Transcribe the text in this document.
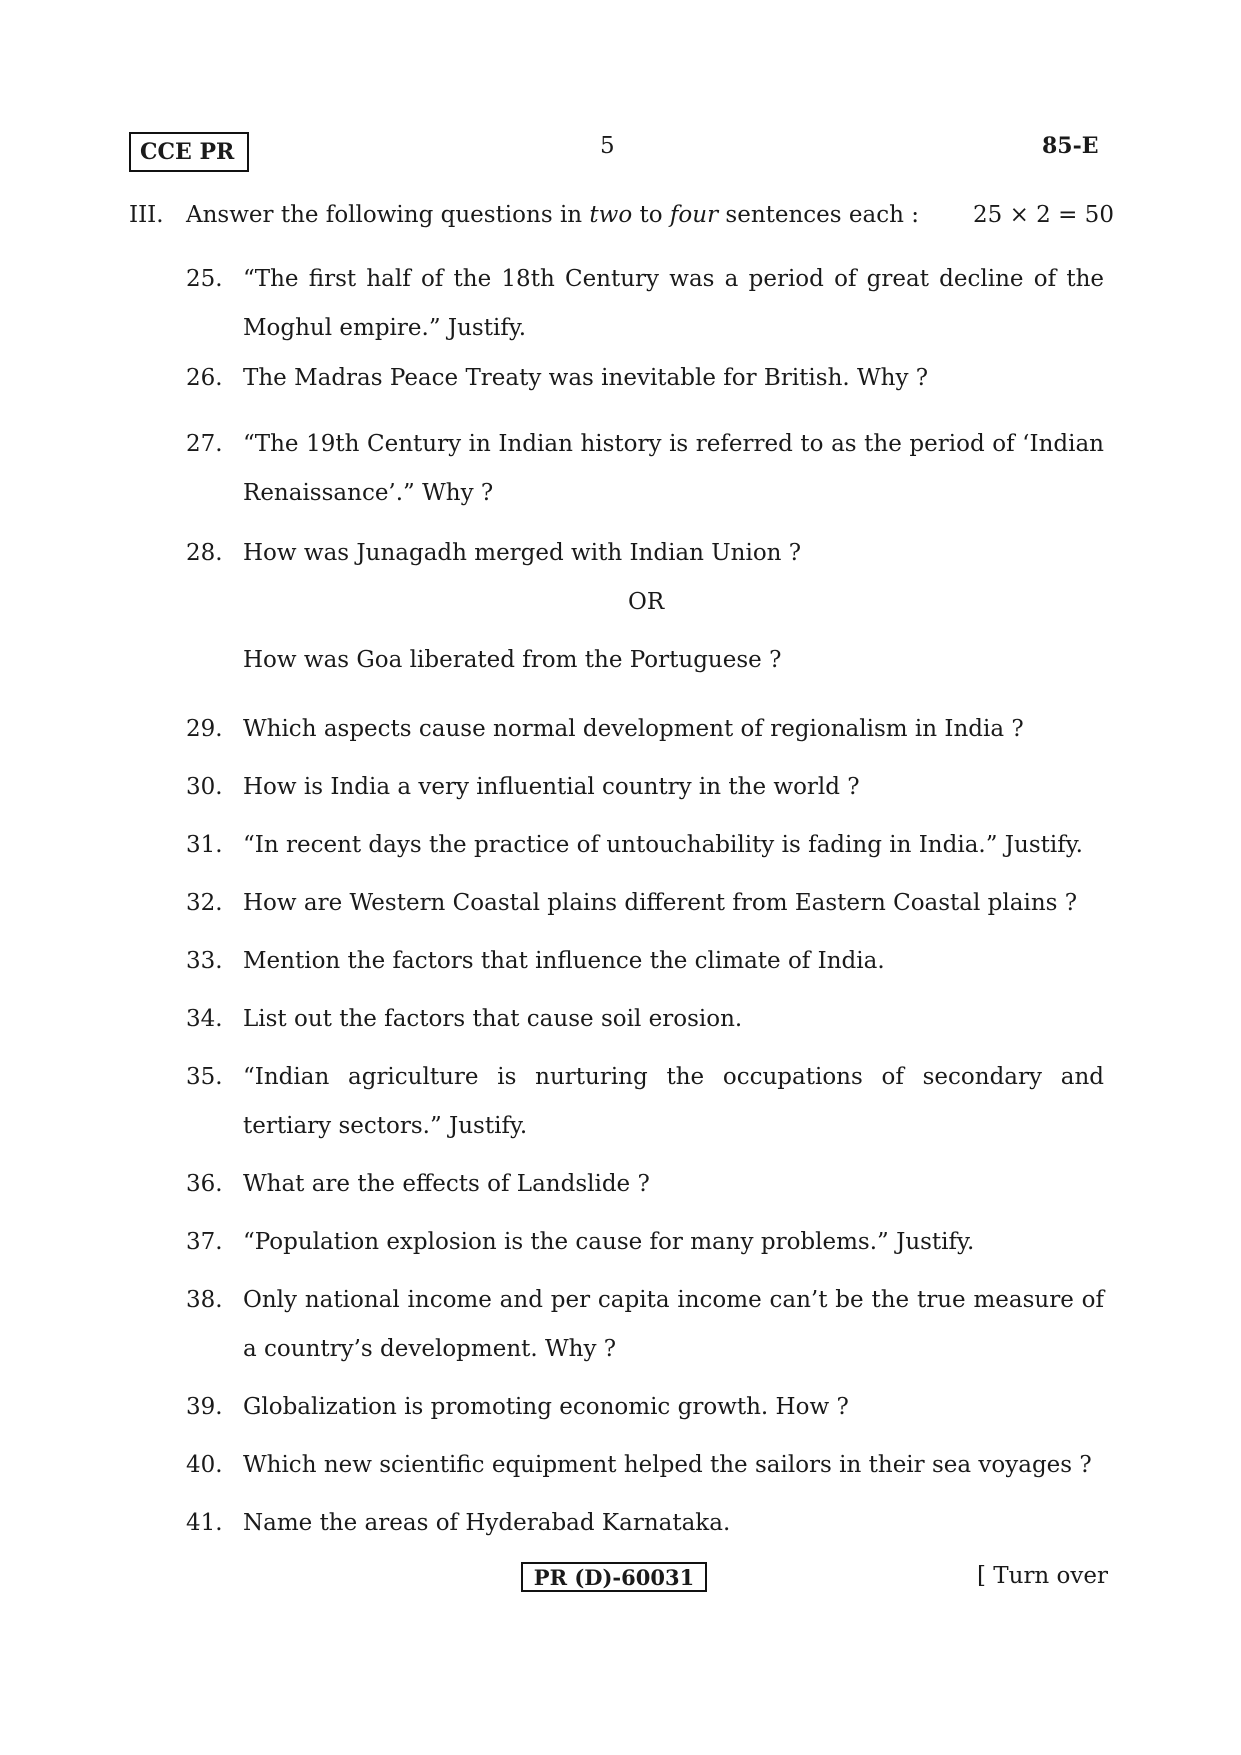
CCE PR	5	85-E
III. Answer the following questions in two to four sentences each : 25 × 2 = 50
25. “The first half of the 18th Century was a period of great decline of the Moghul empire.” Justify.
26. The Madras Peace Treaty was inevitable for British. Why ?
27. “The 19th Century in Indian history is referred to as the period of ‘Indian Renaissance’.” Why ?
28. How was Junagadh merged with Indian Union ?
OR
How was Goa liberated from the Portuguese ?
29. Which aspects cause normal development of regionalism in India ?
30. How is India a very influential country in the world ?
31. “In recent days the practice of untouchability is fading in India.” Justify.
32. How are Western Coastal plains different from Eastern Coastal plains ?
33. Mention the factors that influence the climate of India.
34. List out the factors that cause soil erosion.
35. “Indian agriculture is nurturing the occupations of secondary and tertiary sectors.” Justify.
36. What are the effects of Landslide ?
37. “Population explosion is the cause for many problems.” Justify.
38. Only national income and per capita income can’t be the true measure of a country’s development. Why ?
39. Globalization is promoting economic growth. How ?
40. Which new scientific equipment helped the sailors in their sea voyages ?
41. Name the areas of Hyderabad Karnataka.
PR (D)-60031	[ Turn over
